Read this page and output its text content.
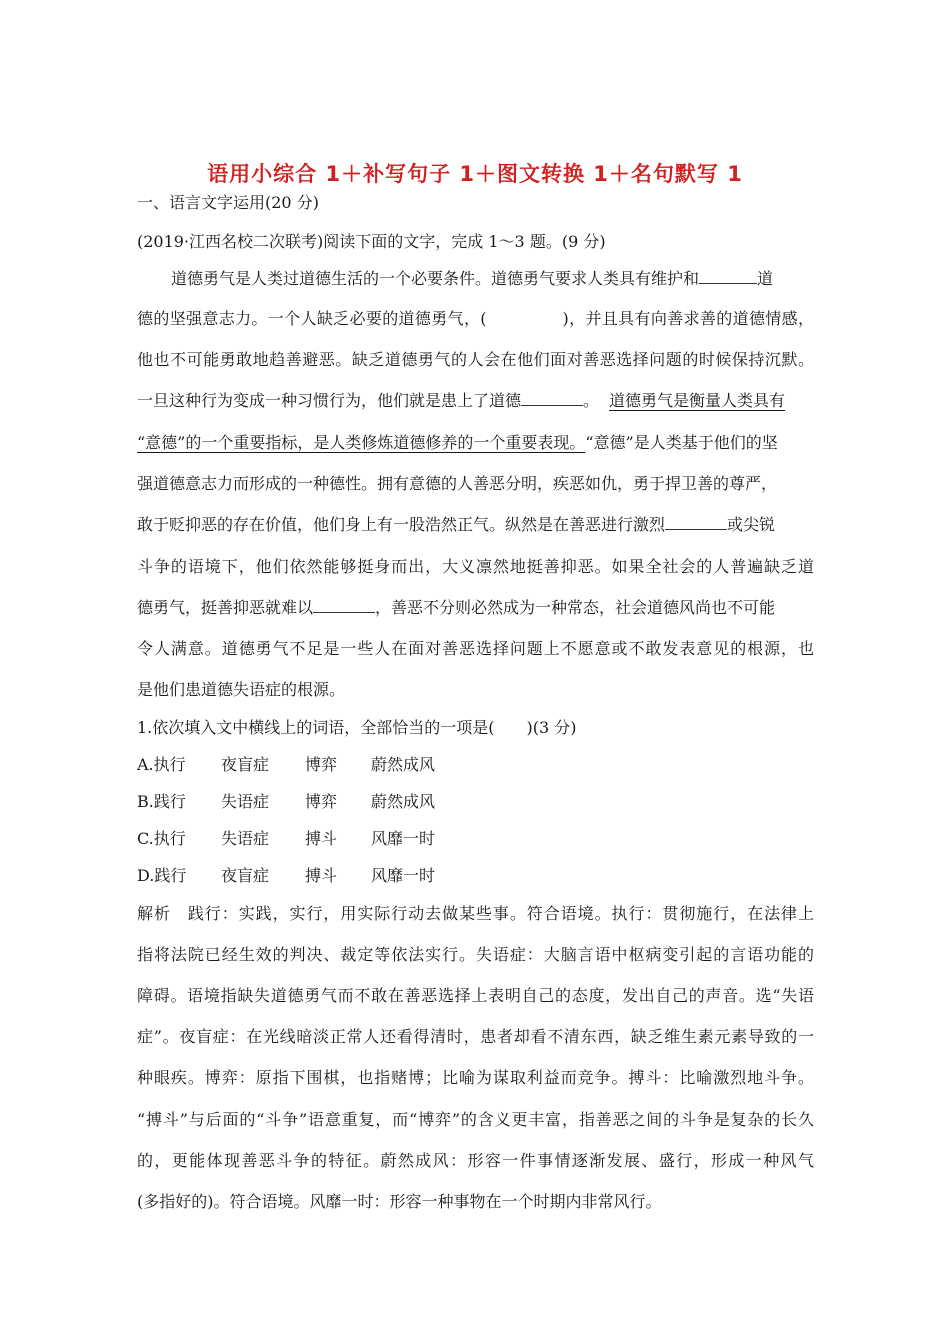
语用小综合 1＋补写句子 1＋图文转换 1＋名句默写 1
一、语言文字运用(20 分)
(2019·江西名校二次联考)阅读下面的文字，完成 1～3 题。(9 分)
道德勇气是人类过道德生活的一个必要条件。道德勇气要求人类具有维护和	道
德的坚强意志力。一个人缺乏必要的道德勇气，(	)，并且具有向善求善的道德情感，
他也不可能勇敢地趋善避恶。缺乏道德勇气的人会在他们面对善恶选择问题的时候保持沉默。
一旦这种行为变成一种习惯行为，他们就是患上了道德	。 道德勇气是衡量人类具有
“意德”的一个重要指标，是人类修炼道德修养的一个重要表现。“意德”是人类基于他们的坚
强道德意志力而形成的一种德性。拥有意德的人善恶分明，疾恶如仇，勇于捍卫善的尊严，
敢于贬抑恶的存在价值，他们身上有一股浩然正气。纵然是在善恶进行激烈	或尖锐
斗争的语境下，他们依然能够挺身而出，大义凛然地挺善抑恶。如果全社会的人普遍缺乏道
德勇气，挺善抑恶就难以	，善恶不分则必然成为一种常态，社会道德风尚也不可能
令人满意。道德勇气不足是一些人在面对善恶选择问题上不愿意或不敢发表意见的根源，也
是他们患道德失语症的根源。
1.依次填入文中横线上的词语，全部恰当的一项是(　　)(3 分)
A.执行 夜盲症 博弈 蔚然成风
B.践行 失语症 博弈 蔚然成风
C.执行 失语症 搏斗 风靡一时
D.践行 夜盲症 搏斗 风靡一时
解析　践行：实践，实行，用实际行动去做某些事。符合语境。执行：贯彻施行，在法律上
指将法院已经生效的判决、裁定等依法实行。失语症：大脑言语中枢病变引起的言语功能的
障碍。语境指缺失道德勇气而不敢在善恶选择上表明自己的态度，发出自己的声音。选“失语
症”。夜盲症：在光线暗淡正常人还看得清时，患者却看不清东西，缺乏维生素元素导致的一
种眼疾。博弈：原指下围棋，也指赌博；比喻为谋取利益而竞争。搏斗：比喻激烈地斗争。
“搏斗”与后面的“斗争”语意重复，而“博弈”的含义更丰富，指善恶之间的斗争是复杂的长久
的，更能体现善恶斗争的特征。蔚然成风：形容一件事情逐渐发展、盛行，形成一种风气
(多指好的)。符合语境。风靡一时：形容一种事物在一个时期内非常风行。
